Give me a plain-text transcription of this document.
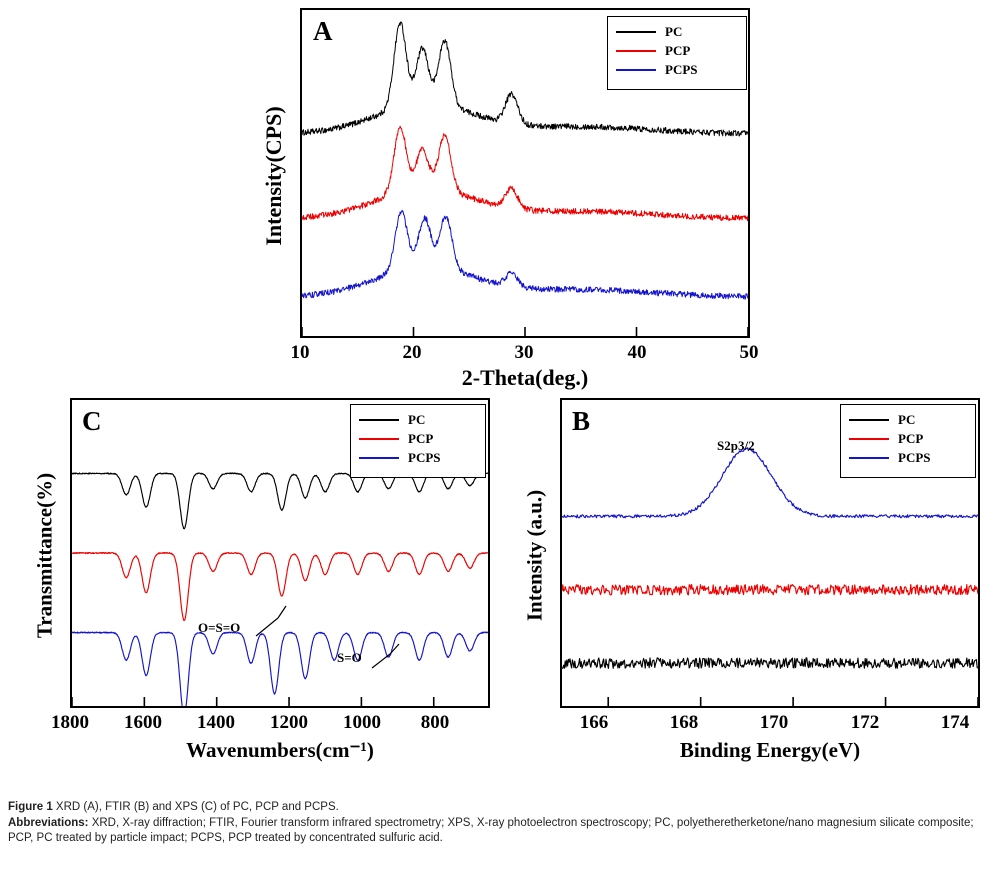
A	PC
PCP
PCPS
10	20	30	40	50
2-Theta(deg.)
Intensity(CPS)
C	PC
PCP
PCPS
O=S=O
S=O
1800	1600	1400	1200	1000	800
Wavenumbers(cm⁻¹)
Transmittance(%)
B	PC
PCP
PCPS
S2p3/2
166	168	170	172	174
Binding Energy(eV)
Intensity (a.u.)
Figure 1 XRD (A), FTIR (B) and XPS (C) of PC, PCP and PCPS.
Abbreviations: XRD, X-ray diffraction; FTIR, Fourier transform infrared spectrometry; XPS, X-ray photoelectron spectroscopy; PC, polyetheretherketone/nano magnesium silicate composite; PCP, PC treated by particle impact; PCPS, PCP treated by concentrated sulfuric acid.
